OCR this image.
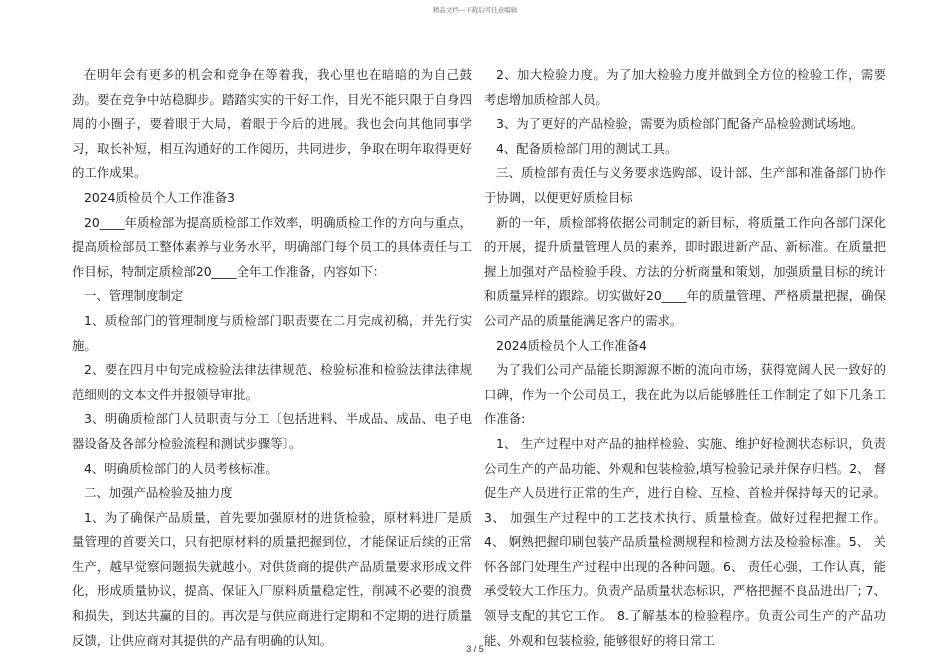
精品文档---下载后可任意编辑

在明年会有更多的机会和竞争在等着我，我心里也在暗暗的为自己鼓劲。要在竞争中站稳脚步。踏踏实实的干好工作，目光不能只限于自身四周的小圈子，要着眼于大局，着眼于今后的进展。我也会向其他同事学习，取长补短，相互沟通好的工作阅历，共同进步，争取在明年取得更好的工作成果。

2024质检员个人工作准备3

20____年质检部为提高质检部工作效率，明确质检工作的方向与重点，提高质检部员工整体素养与业务水平，明确部门每个员工的具体责任与工作目标，特制定质检部20____全年工作准备，内容如下：

一、管理制度制定

1、质检部门的管理制度与质检部门职责要在二月完成初稿，并先行实施。

2、要在四月中旬完成检验法律法律规范、检验标准和检验法律法律规范细则的文本文件并报领导审批。

3、明确质检部门人员职责与分工〔包括进料、半成品、成品、电子电器设备及各部分检验流程和测试步骤等〕。

4、明确质检部门的人员考核标准。

二、加强产品检验及抽力度

1、为了确保产品质量，首先要加强原材的进货检验，原材料进厂是质量管理的首要关口，只有把原材料的质量把握到位，才能保证后续的正常生产，越早觉察问题损失就越小。对供货商的提供产品质量要求形成文件化，形成质量协议，提高、保证入厂原料质量稳定性，削减不必要的浪费和损失，到达共赢的目的。再次是与供应商进行定期和不定期的进行质量反馈，让供应商对其提供的产品有明确的认知。

2、加大检验力度。为了加大检验力度并做到全方位的检验工作，需要考虑增加质检部人员。

3、为了更好的产品检验，需要为质检部门配备产品检验测试场地。

4、配备质检部门用的测试工具。

三、质检部有责任与义务要求选购部、设计部、生产部和准备部门协作于协调，以便更好质检目标

新的一年，质检部将依据公司制定的新目标，将质量工作向各部门深化的开展，提升质量管理人员的素养，即时跟进新产品、新标准。在质量把握上加强对产品检验手段、方法的分析商量和策划，加强质量目标的统计和质量异样的跟踪。切实做好20____年的质量管理、严格质量把握，确保公司产品的质量能满足客户的需求。

2024质检员个人工作准备4

为了我们公司产品能长期源源不断的流向市场，获得宽阔人民一致好的口碑，作为一个公司员工，我在此为以后能够胜任工作制定了如下几条工作准备:

1、 生产过程中对产品的抽样检验、实施、维护好检测状态标识，负责公司生产的产品功能、外观和包装检验,填写检验记录并保存归档。2、 督促生产人员进行正常的生产，进行自检、互检、首检并保持每天的记录。3、 加强生产过程中的工艺技术执行、质量检查。做好过程把握工作。4、 婀熟把握印刷包装产品质量检测规程和检测方法及检验标准。5、 关怀各部门处理生产过程中出现的各种问题。6、 责任心强，工作认真，能承受较大工作压力。负责产品质量状态标识，严格把握不良品进出厂; 7、领导支配的其它工作。 8.了解基本的检验程序。负责公司生产的产品功能、外观和包装检验, 能够很好的将日常工

3 / 5
